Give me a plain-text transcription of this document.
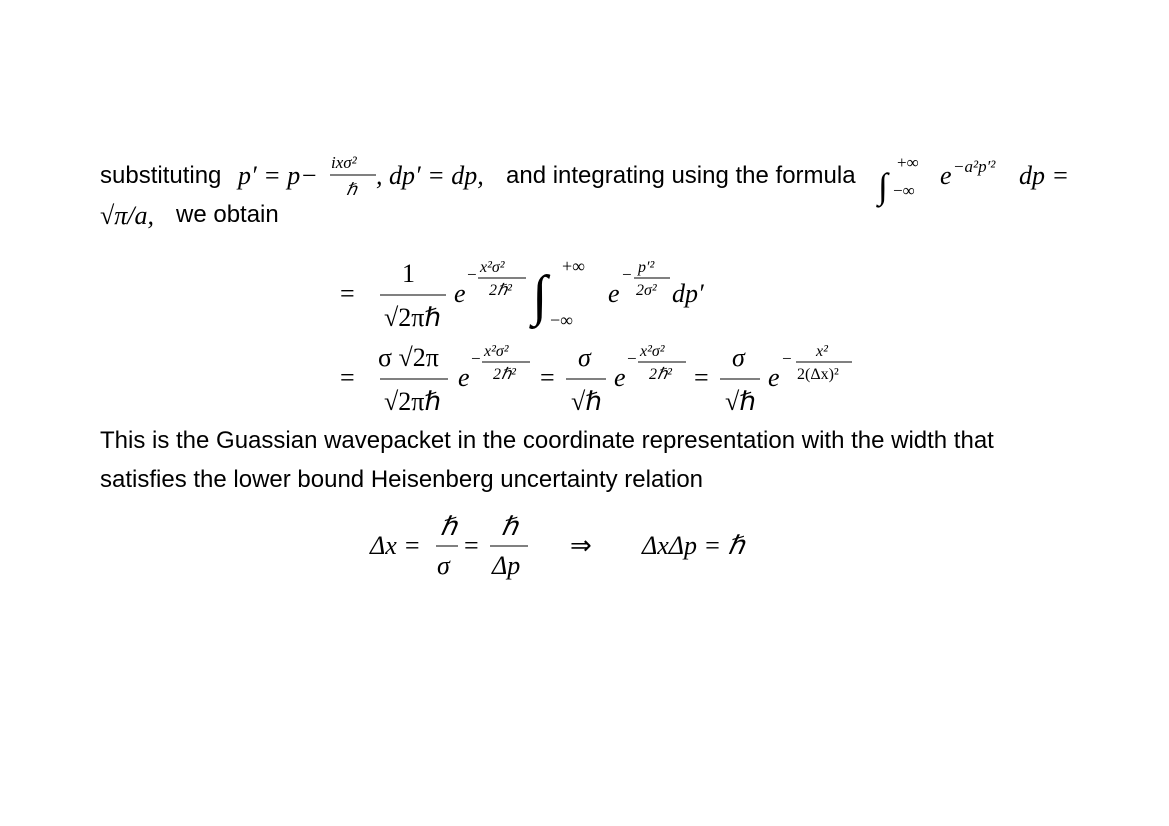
substituting p′ = p− ixσ²
ℏ , dp′ = dp,	∫
+∞
−∞
e −a²p′² dp =
√π/a,
and integrating using the formula
we obtain
=
1
√2πℏ
e
− x²σ²
2ℏ² ∫ +∞
−∞
e
− p′²
2σ² dp′
=
σ √2π
√2πℏ
e
− x²σ²
2ℏ² =
σ
√ℏ
e
− x²σ²
2ℏ² =
σ
√ℏ
e
− x²
2(Δx)²
This is the Guassian wavepacket in the coordinate representation with the width that
satisfies the lower bound Heisenberg uncertainty relation
Δx =
ℏ
σ
=
ℏ
Δp
⇒ ΔxΔp = ℏ
